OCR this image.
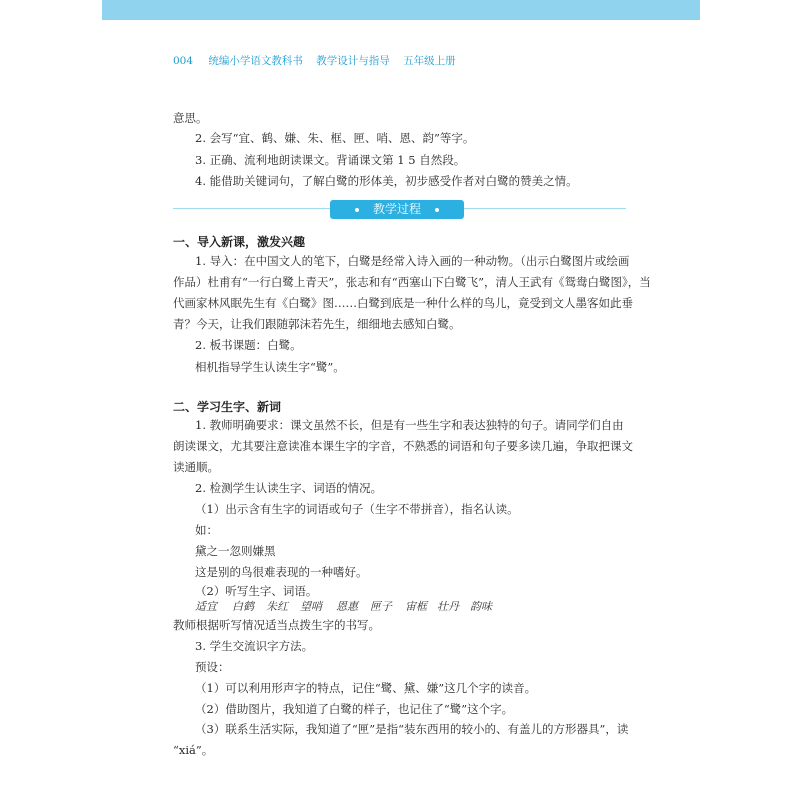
004 统编小学语文教科书 教学设计与指导 五年级上册
意思。
2. 会写“宜、鹤、嫌、朱、框、匣、哨、恩、韵”等字。
3. 正确、流利地朗读课文。背诵课文第 1 5 自然段。
4. 能借助关键词句，了解白鹭的形体美，初步感受作者对白鹭的赞美之情。
教学过程
一、导入新课，激发兴趣
1. 导入：在中国文人的笔下，白鹭是经常入诗入画的一种动物。（出示白鹭图片或绘画
作品）杜甫有“一行白鹭上青天”，张志和有“西塞山下白鹭飞”，清人王武有《鸳鸯白鹭图》，当
代画家林风眠先生有《白鹭》图……白鹭到底是一种什么样的鸟儿，竟受到文人墨客如此垂
青？今天，让我们跟随郭沫若先生，细细地去感知白鹭。
2. 板书课题：白鹭。
相机指导学生认读生字“鹭”。
二、学习生字、新词
1. 教师明确要求：课文虽然不长，但是有一些生字和表达独特的句子。请同学们自由
朗读课文，尤其要注意读准本课生字的字音，不熟悉的词语和句子要多读几遍，争取把课文
读通顺。
2. 检测学生认读生字、词语的情况。
（1）出示含有生字的词语或句子（生字不带拼音），指名认读。
如：
黛之一忽则嫌黑
这是别的鸟很难表现的一种嗜好。
（2）听写生字、词语。
适宜 白鹤 朱红 望哨 恩惠 匣子 宙框 壮丹 韵味
教师根据听写情况适当点拨生字的书写。
3. 学生交流识字方法。
预设：
（1）可以利用形声字的特点，记住“鹭、黛、嫌”这几个字的读音。
（2）借助图片，我知道了白鹭的样子，也记住了“鹭”这个字。
（3）联系生活实际，我知道了“匣”是指“装东西用的较小的、有盖儿的方形器具”，读
“xiá”。
